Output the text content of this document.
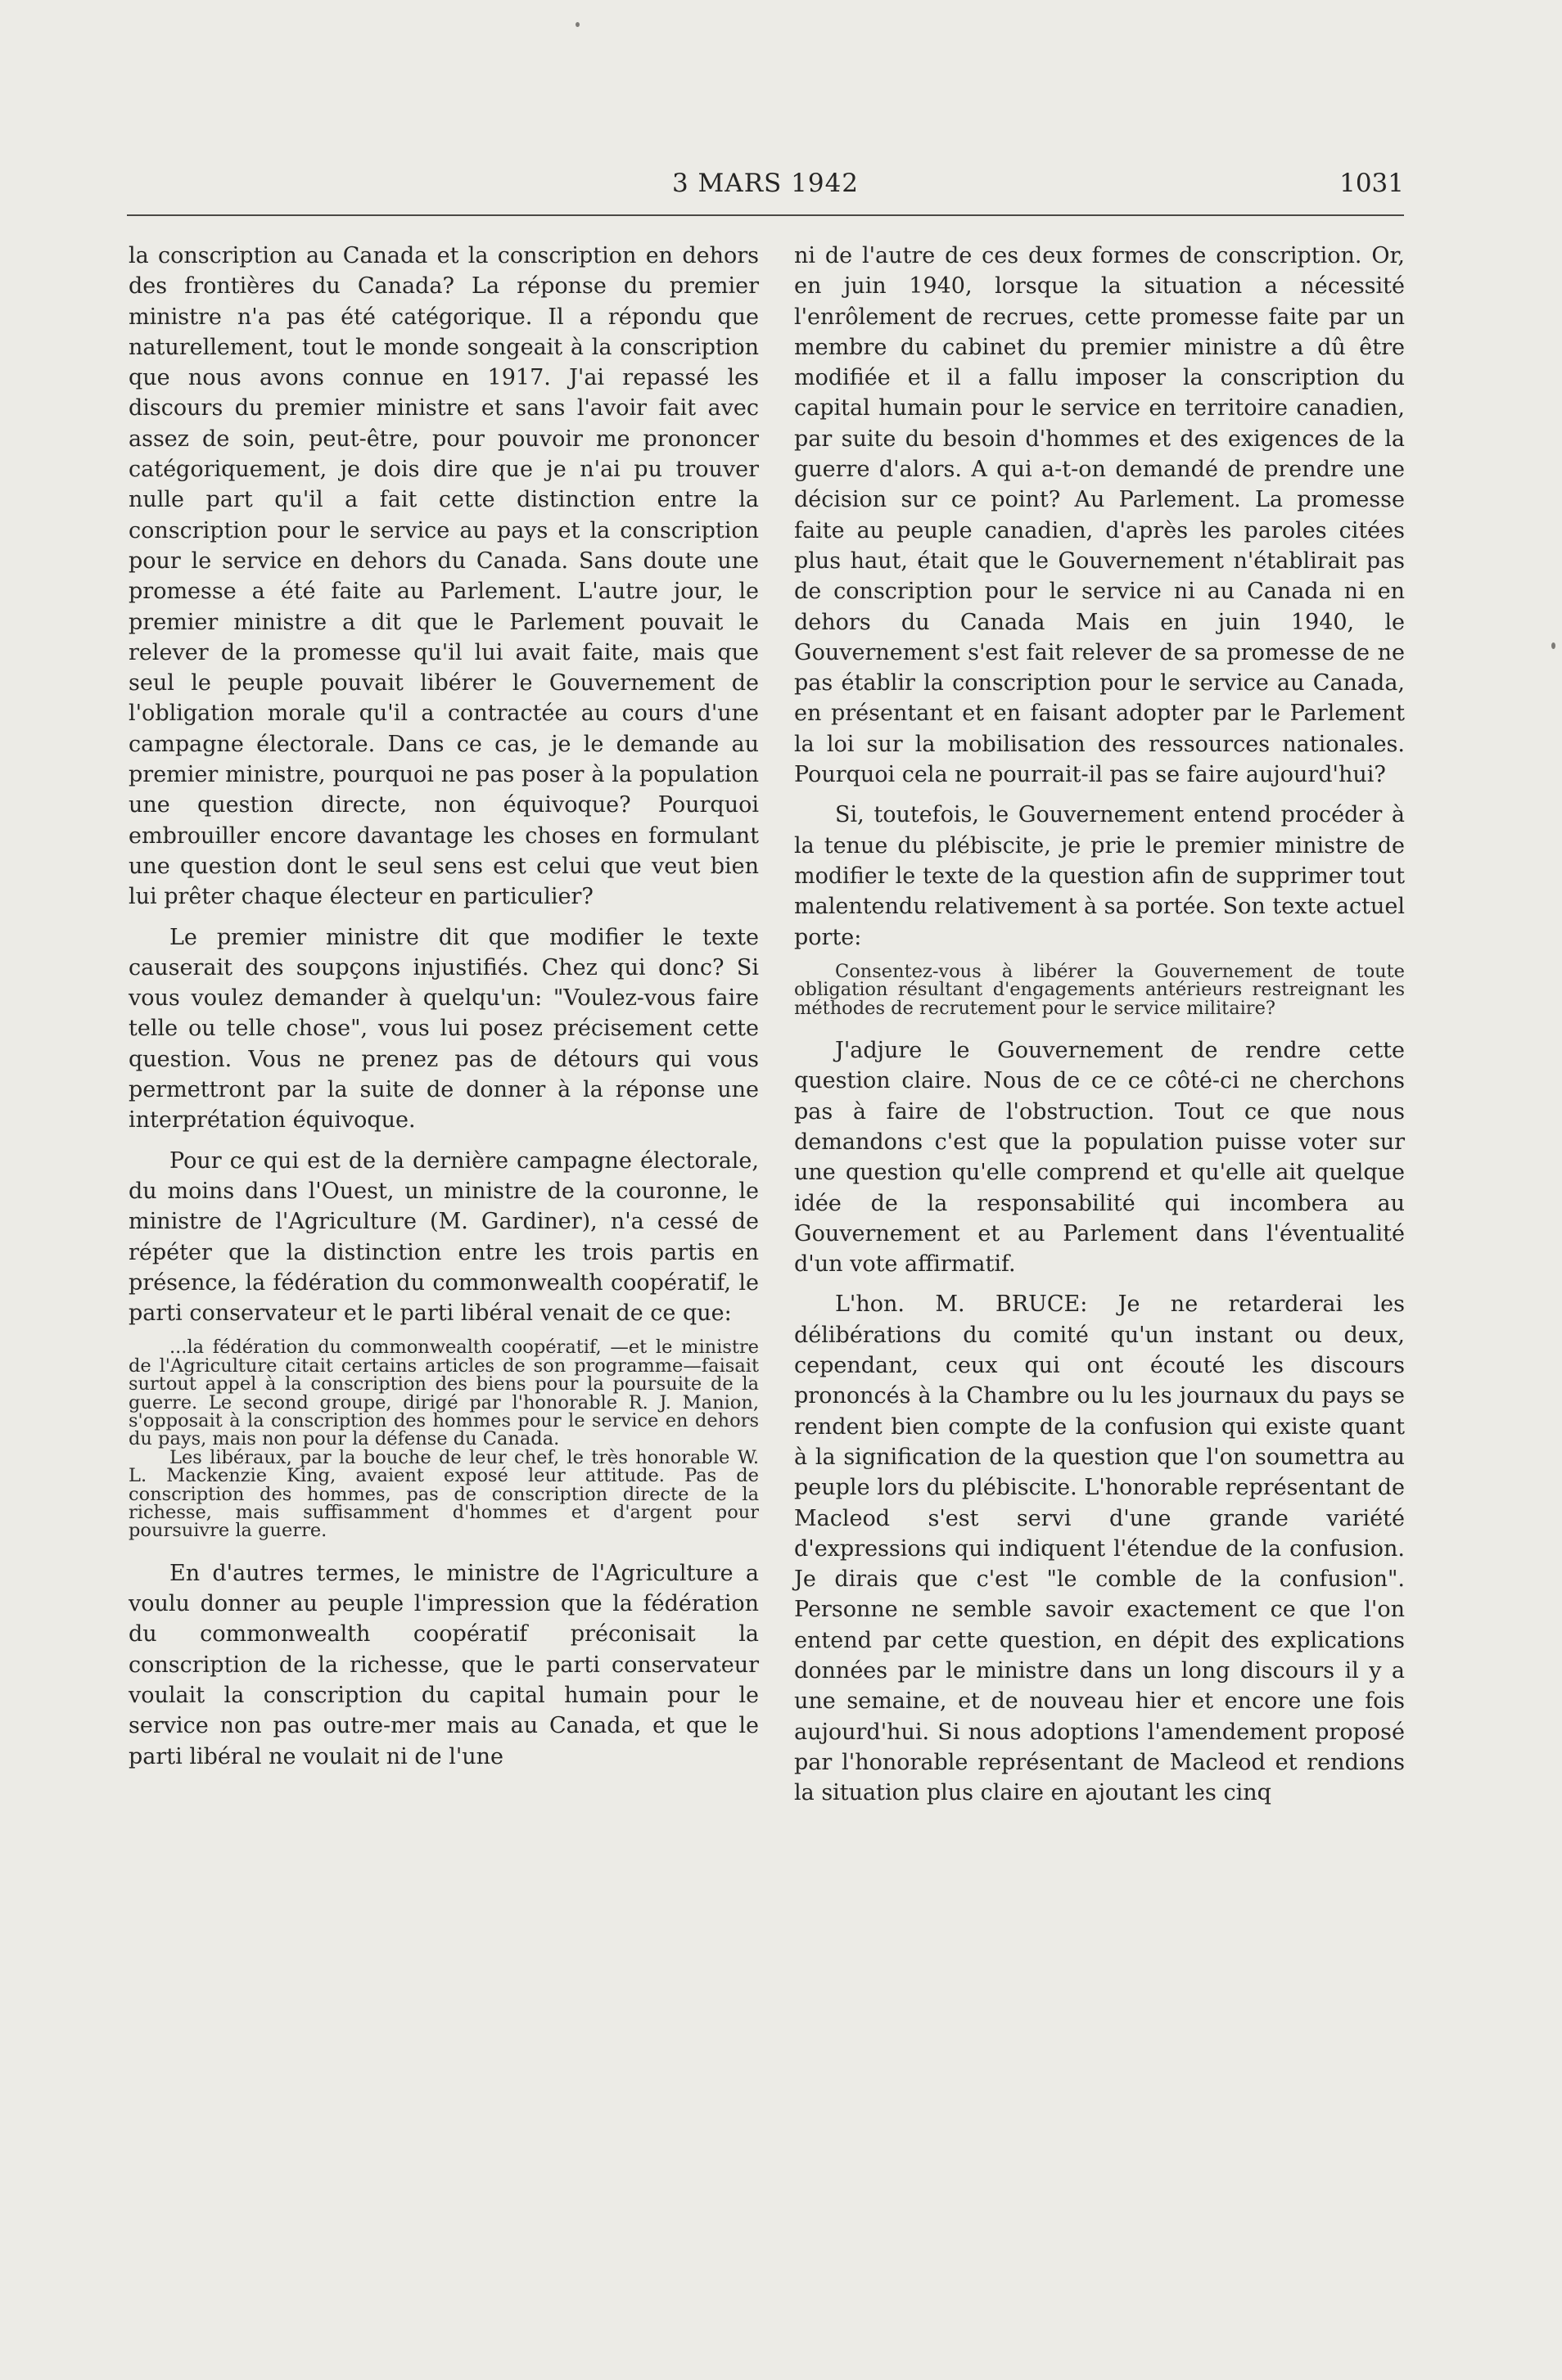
3 MARS 1942	1031

la conscription au Canada et la conscription en dehors des frontières du Canada? La réponse du premier ministre n'a pas été catégorique. Il a répondu que naturellement, tout le monde songeait à la conscription que nous avons connue en 1917. J'ai repassé les discours du premier ministre et sans l'avoir fait avec assez de soin, peut-être, pour pouvoir me prononcer catégoriquement, je dois dire que je n'ai pu trouver nulle part qu'il a fait cette distinction entre la conscription pour le service au pays et la conscription pour le service en dehors du Canada. Sans doute une promesse a été faite au Parlement. L'autre jour, le premier ministre a dit que le Parlement pouvait le relever de la promesse qu'il lui avait faite, mais que seul le peuple pouvait libérer le Gouvernement de l'obligation morale qu'il a contractée au cours d'une campagne électorale. Dans ce cas, je le demande au premier ministre, pourquoi ne pas poser à la population une question directe, non équivoque? Pourquoi embrouiller encore davantage les choses en formulant une question dont le seul sens est celui que veut bien lui prêter chaque électeur en particulier?

Le premier ministre dit que modifier le texte causerait des soupçons injustifiés. Chez qui donc? Si vous voulez demander à quelqu'un: "Voulez-vous faire telle ou telle chose", vous lui posez précisement cette question. Vous ne prenez pas de détours qui vous permettront par la suite de donner à la réponse une interprétation équivoque.

Pour ce qui est de la dernière campagne électorale, du moins dans l'Ouest, un ministre de la couronne, le ministre de l'Agriculture (M. Gardiner), n'a cessé de répéter que la distinction entre les trois partis en présence, la fédération du commonwealth coopératif, le parti conservateur et le parti libéral venait de ce que:

...la fédération du commonwealth coopératif, —et le ministre de l'Agriculture citait certains articles de son programme—faisait surtout appel à la conscription des biens pour la poursuite de la guerre. Le second groupe, dirigé par l'honorable R. J. Manion, s'opposait à la conscription des hommes pour le service en dehors du pays, mais non pour la défense du Canada.

Les libéraux, par la bouche de leur chef, le très honorable W. L. Mackenzie King, avaient exposé leur attitude. Pas de conscription des hommes, pas de conscription directe de la richesse, mais suffisamment d'hommes et d'argent pour poursuivre la guerre.

En d'autres termes, le ministre de l'Agriculture a voulu donner au peuple l'impression que la fédération du commonwealth coopératif préconisait la conscription de la richesse, que le parti conservateur voulait la conscription du capital humain pour le service non pas outre-mer mais au Canada, et que le parti libéral ne voulait ni de l'une

ni de l'autre de ces deux formes de conscription. Or, en juin 1940, lorsque la situation a nécessité l'enrôlement de recrues, cette promesse faite par un membre du cabinet du premier ministre a dû être modifiée et il a fallu imposer la conscription du capital humain pour le service en territoire canadien, par suite du besoin d'hommes et des exigences de la guerre d'alors. A qui a-t-on demandé de prendre une décision sur ce point? Au Parlement. La promesse faite au peuple canadien, d'après les paroles citées plus haut, était que le Gouvernement n'établirait pas de conscription pour le service ni au Canada ni en dehors du Canada Mais en juin 1940, le Gouvernement s'est fait relever de sa promesse de ne pas établir la conscription pour le service au Canada, en présentant et en faisant adopter par le Parlement la loi sur la mobilisation des ressources nationales. Pourquoi cela ne pourrait-il pas se faire aujourd'hui?

Si, toutefois, le Gouvernement entend procéder à la tenue du plébiscite, je prie le premier ministre de modifier le texte de la question afin de supprimer tout malentendu relativement à sa portée. Son texte actuel porte:

Consentez-vous à libérer la Gouvernement de toute obligation résultant d'engagements antérieurs restreignant les méthodes de recrutement pour le service militaire?

J'adjure le Gouvernement de rendre cette question claire. Nous de ce ce côté-ci ne cherchons pas à faire de l'obstruction. Tout ce que nous demandons c'est que la population puisse voter sur une question qu'elle comprend et qu'elle ait quelque idée de la responsabilité qui incombera au Gouvernement et au Parlement dans l'éventualité d'un vote affirmatif.

L'hon. M. BRUCE: Je ne retarderai les délibérations du comité qu'un instant ou deux, cependant, ceux qui ont écouté les discours prononcés à la Chambre ou lu les journaux du pays se rendent bien compte de la confusion qui existe quant à la signification de la question que l'on soumettra au peuple lors du plébiscite. L'honorable représentant de Macleod s'est servi d'une grande variété d'expressions qui indiquent l'étendue de la confusion. Je dirais que c'est "le comble de la confusion". Personne ne semble savoir exactement ce que l'on entend par cette question, en dépit des explications données par le ministre dans un long discours il y a une semaine, et de nouveau hier et encore une fois aujourd'hui. Si nous adoptions l'amendement proposé par l'honorable représentant de Macleod et rendions la situation plus claire en ajoutant les cinq
